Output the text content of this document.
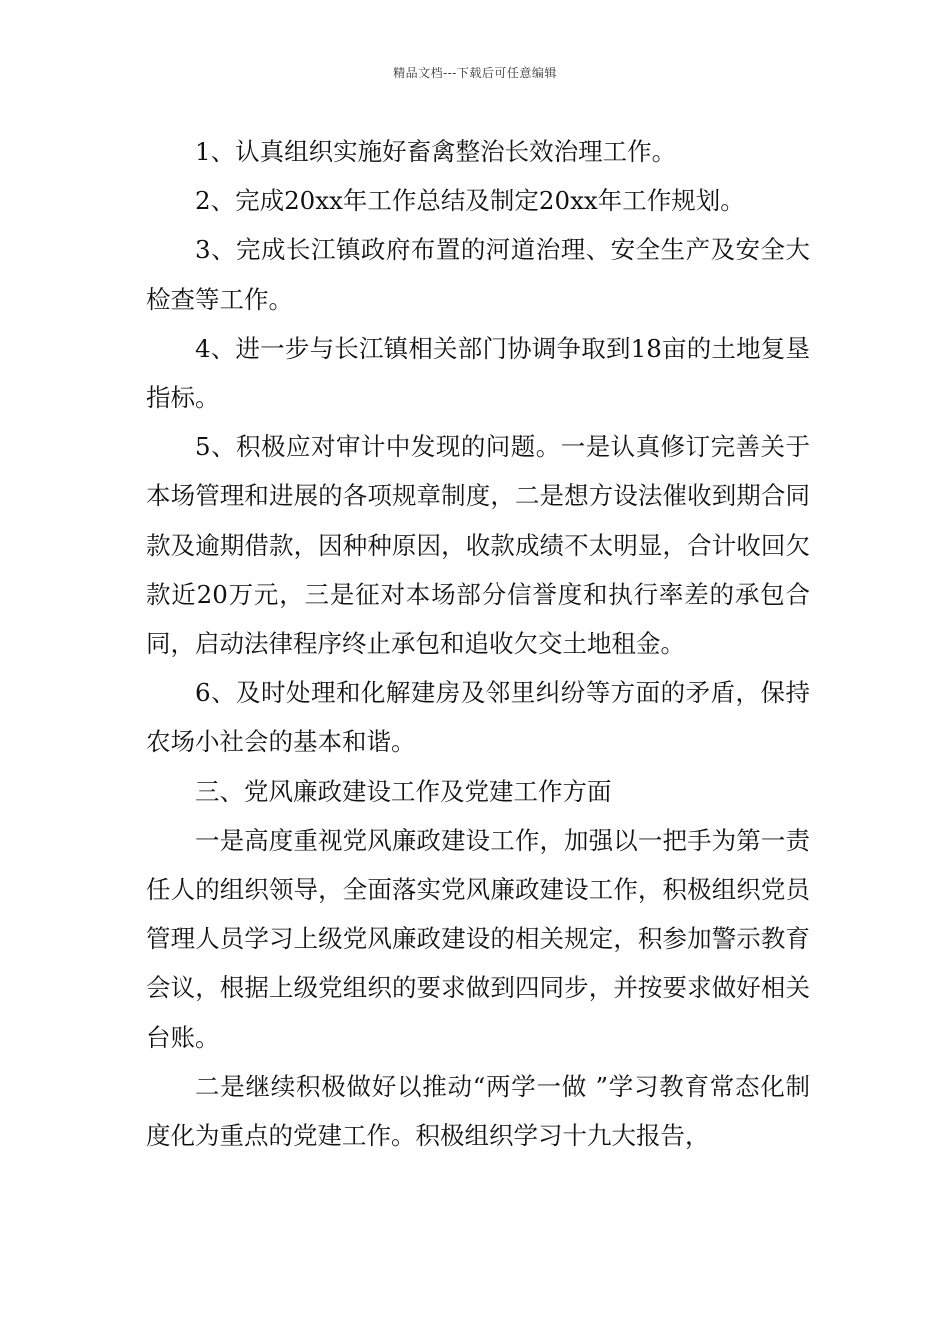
精品文档---下载后可任意编辑

1、认真组织实施好畜禽整治长效治理工作。

2、完成20xx年工作总结及制定20xx年工作规划。

3、完成长江镇政府布置的河道治理、安全生产及安全大检查等工作。

4、进一步与长江镇相关部门协调争取到18亩的土地复垦指标。

5、积极应对审计中发现的问题。一是认真修订完善关于本场管理和进展的各项规章制度，二是想方设法催收到期合同款及逾期借款，因种种原因，收款成绩不太明显，合计收回欠款近20万元，三是征对本场部分信誉度和执行率差的承包合同，启动法律程序终止承包和追收欠交土地租金。

6、及时处理和化解建房及邻里纠纷等方面的矛盾，保持农场小社会的基本和谐。

三、党风廉政建设工作及党建工作方面

一是高度重视党风廉政建设工作，加强以一把手为第一责任人的组织领导，全面落实党风廉政建设工作，积极组织党员管理人员学习上级党风廉政建设的相关规定，积参加警示教育会议，根据上级党组织的要求做到四同步，并按要求做好相关台账。

二是继续积极做好以推动“两学一做 ”学习教育常态化制度化为重点的党建工作。积极组织学习十九大报告，
